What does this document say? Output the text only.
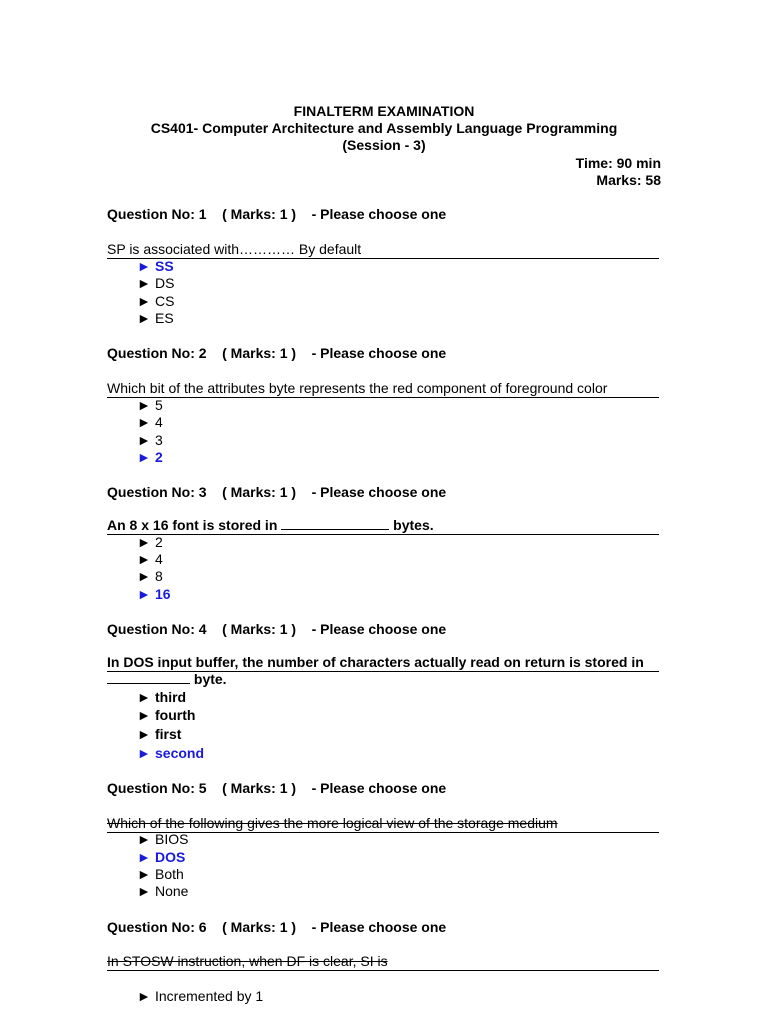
FINALTERM EXAMINATION
CS401- Computer Architecture and Assembly Language Programming
(Session - 3)
Time: 90 min
Marks: 58
Question No: 1    ( Marks: 1 )    - Please choose one
SP is associated with………… By default
► SS
► DS
► CS
► ES
Question No: 2    ( Marks: 1 )    - Please choose one
Which bit of the attributes byte represents the red component of foreground color
► 5
► 4
► 3
► 2
Question No: 3    ( Marks: 1 )    - Please choose one
An 8 x 16 font is stored in	bytes.
► 2
► 4
► 8
► 16
Question No: 4    ( Marks: 1 )    - Please choose one
In DOS input buffer, the number of characters actually read on return is stored in
byte.
► third
► fourth
► first
► second
Question No: 5    ( Marks: 1 )    - Please choose one
Which of the following gives the more logical view of the storage medium
► BIOS
► DOS
► Both
► None
Question No: 6    ( Marks: 1 )    - Please choose one
In STOSW instruction, when DF is clear, SI is
► Incremented by 1
